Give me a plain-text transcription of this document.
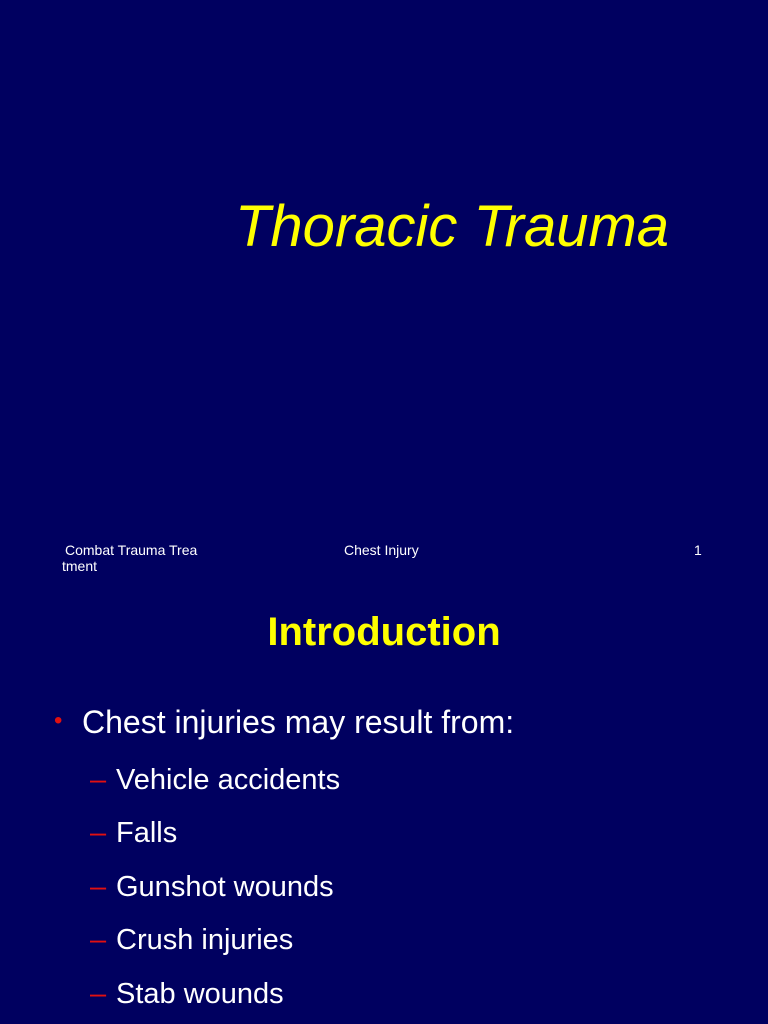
Thoracic Trauma
Combat Trauma Trea
tment
Chest Injury	1
Introduction
• Chest injuries may result from:
– Vehicle accidents
– Falls
– Gunshot wounds
– Crush injuries
– Stab wounds
